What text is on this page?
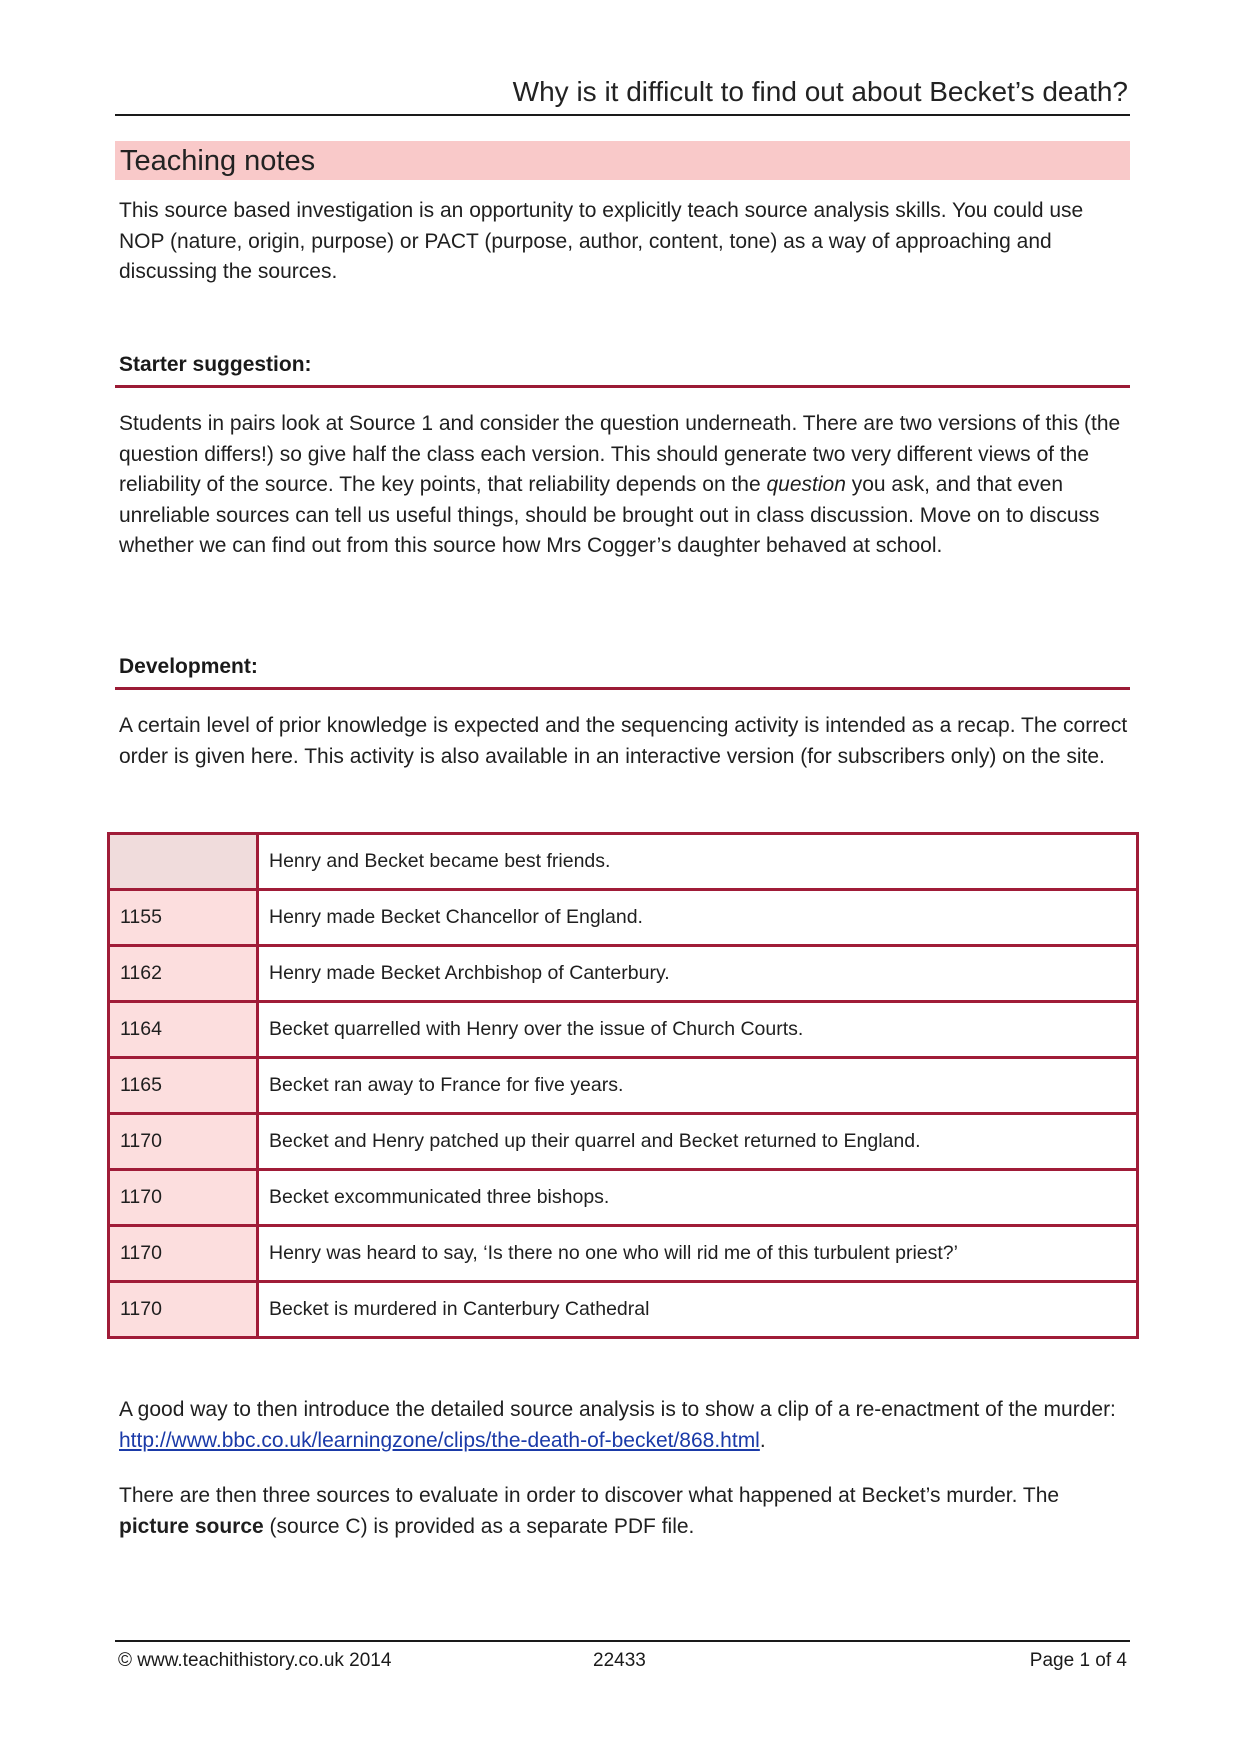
Why is it difficult to find out about Becket’s death?
Teaching notes

This source based investigation is an opportunity to explicitly teach source analysis skills. You could use NOP (nature, origin, purpose) or PACT (purpose, author, content, tone) as a way of approaching and discussing the sources.

Starter suggestion:

Students in pairs look at Source 1 and consider the question underneath. There are two versions of this (the question differs!) so give half the class each version. This should generate two very different views of the reliability of the source. The key points, that reliability depends on the question you ask, and that even unreliable sources can tell us useful things, should be brought out in class discussion. Move on to discuss whether we can find out from this source how Mrs Cogger’s daughter behaved at school.

Development:

A certain level of prior knowledge is expected and the sequencing activity is intended as a recap. The correct order is given here. This activity is also available in an interactive version (for subscribers only) on the site.

	Henry and Becket became best friends.
1155	Henry made Becket Chancellor of England.
1162	Henry made Becket Archbishop of Canterbury.
1164	Becket quarrelled with Henry over the issue of Church Courts.
1165	Becket ran away to France for five years.
1170	Becket and Henry patched up their quarrel and Becket returned to England.
1170	Becket excommunicated three bishops.
1170	Henry was heard to say, ‘Is there no one who will rid me of this turbulent priest?’
1170	Becket is murdered in Canterbury Cathedral

A good way to then introduce the detailed source analysis is to show a clip of a re-enactment of the murder: http://www.bbc.co.uk/learningzone/clips/the-death-of-becket/868.html.

There are then three sources to evaluate in order to discover what happened at Becket’s murder. The picture source (source C) is provided as a separate PDF file.

© www.teachithistory.co.uk 2014	22433	Page 1 of 4
